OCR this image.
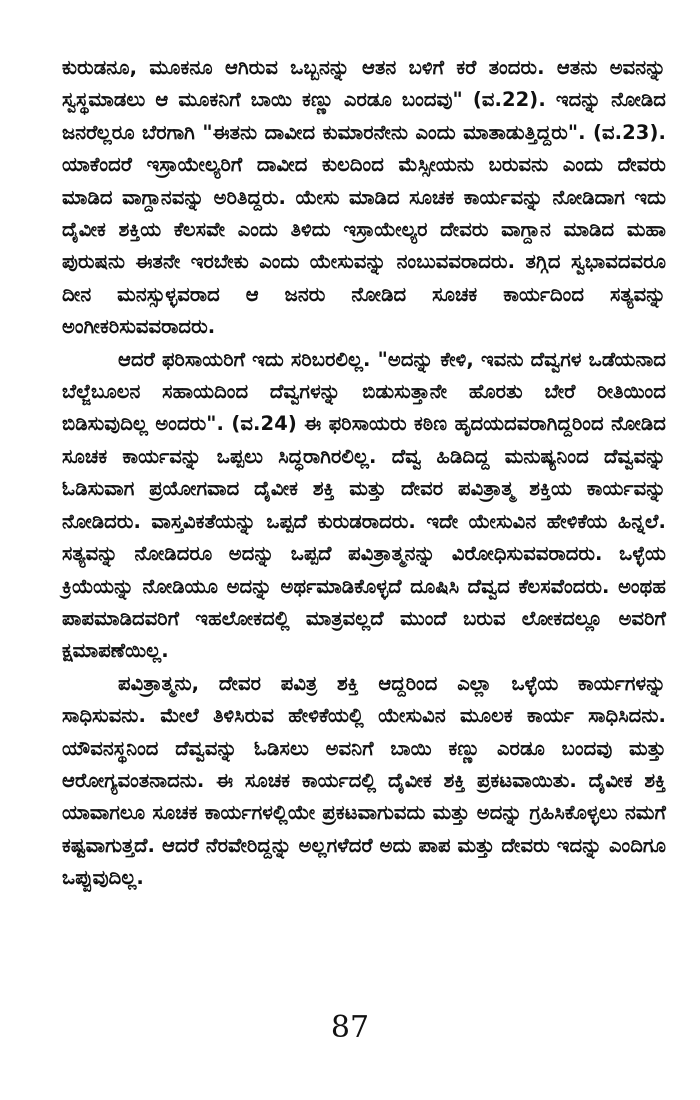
ಕುರುಡನೂ, ಮೂಕನೂ ಆಗಿರುವ ಒಬ್ಬನನ್ನು ಆತನ ಬಳಿಗೆ ಕರೆ ತಂದರು. ಆತನು ಅವನನ್ನು ಸ್ವಸ್ಥಮಾಡಲು ಆ ಮೂಕನಿಗೆ ಬಾಯಿ ಕಣ್ಣು ಎರಡೂ ಬಂದವು" (ವ.22). ಇದನ್ನು ನೋಡಿದ ಜನರೆಲ್ಲರೂ ಬೆರಗಾಗಿ "ಈತನು ದಾವೀದ ಕುಮಾರನೇನು ಎಂದು ಮಾತಾಡುತ್ತಿದ್ದರು". (ವ.23). ಯಾಕೆಂದರೆ ಇಸ್ರಾಯೇಲ್ಯರಿಗೆ ದಾವೀದ ಕುಲದಿಂದ ಮೆಸ್ಸೀಯನು ಬರುವನು ಎಂದು ದೇವರು ಮಾಡಿದ ವಾಗ್ದಾನವನ್ನು ಅರಿತಿದ್ದರು. ಯೇಸು ಮಾಡಿದ ಸೂಚಕ ಕಾರ್ಯವನ್ನು ನೋಡಿದಾಗ ಇದು ದೈವೀಕ ಶಕ್ತಿಯ ಕೆಲಸವೇ ಎಂದು ತಿಳಿದು ಇಸ್ರಾಯೇಲ್ಯರ ದೇವರು ವಾಗ್ದಾನ ಮಾಡಿದ ಮಹಾ ಪುರುಷನು ಈತನೇ ಇರಬೇಕು ಎಂದು ಯೇಸುವನ್ನು ನಂಬುವವರಾದರು. ತಗ್ಗಿದ ಸ್ವಭಾವದವರೂ ದೀನ ಮನಸ್ಸುಳ್ಳವರಾದ ಆ ಜನರು ನೋಡಿದ ಸೂಚಕ ಕಾರ್ಯದಿಂದ ಸತ್ಯವನ್ನು ಅಂಗೀಕರಿಸುವವರಾದರು.

ಆದರೆ ಫರಿಸಾಯರಿಗೆ ಇದು ಸರಿಬರಲಿಲ್ಲ. "ಅದನ್ನು ಕೇಳಿ, ಇವನು ದೆವ್ವಗಳ ಒಡೆಯನಾದ ಬೆಲ್ಜೆಬೂಲನ ಸಹಾಯದಿಂದ ದೆವ್ವಗಳನ್ನು ಬಿಡುಸುತ್ತಾನೇ ಹೊರತು ಬೇರೆ ರೀತಿಯಿಂದ ಬಿಡಿಸುವುದಿಲ್ಲ ಅಂದರು". (ವ.24) ಈ ಫರಿಸಾಯರು ಕಠಿಣ ಹೃದಯದವರಾಗಿದ್ದರಿಂದ ನೋಡಿದ ಸೂಚಕ ಕಾರ್ಯವನ್ನು ಒಪ್ಪಲು ಸಿದ್ಧರಾಗಿರಲಿಲ್ಲ. ದೆವ್ವ ಹಿಡಿದಿದ್ದ ಮನುಷ್ಯನಿಂದ ದೆವ್ವವನ್ನು ಓಡಿಸುವಾಗ ಪ್ರಯೋಗವಾದ ದೈವೀಕ ಶಕ್ತಿ ಮತ್ತು ದೇವರ ಪವಿತ್ರಾತ್ಮ ಶಕ್ತಿಯ ಕಾರ್ಯವನ್ನು ನೋಡಿದರು. ವಾಸ್ತವಿಕತೆಯನ್ನು ಒಪ್ಪದೆ ಕುರುಡರಾದರು. ಇದೇ ಯೇಸುವಿನ ಹೇಳಿಕೆಯ ಹಿನ್ನಲೆ. ಸತ್ಯವನ್ನು ನೋಡಿದರೂ ಅದನ್ನು ಒಪ್ಪದೆ ಪವಿತ್ರಾತ್ಮನನ್ನು ವಿರೋಧಿಸುವವರಾದರು. ಒಳ್ಳೆಯ ಕ್ರಿಯೆಯನ್ನು ನೋಡಿಯೂ ಅದನ್ನು ಅರ್ಥಮಾಡಿಕೊಳ್ಳದೆ ದೂಷಿಸಿ ದೆವ್ವದ ಕೆಲಸವೆಂದರು. ಅಂಥಹ ಪಾಪಮಾಡಿದವರಿಗೆ ಇಹಲೋಕದಲ್ಲಿ ಮಾತ್ರವಲ್ಲದೆ ಮುಂದೆ ಬರುವ ಲೋಕದಲ್ಲೂ ಅವರಿಗೆ ಕ್ಷಮಾಪಣೆಯಿಲ್ಲ.

ಪವಿತ್ರಾತ್ಮನು, ದೇವರ ಪವಿತ್ರ ಶಕ್ತಿ ಆದ್ದರಿಂದ ಎಲ್ಲಾ ಒಳ್ಳೆಯ ಕಾರ್ಯಗಳನ್ನು ಸಾಧಿಸುವನು. ಮೇಲೆ ತಿಳಿಸಿರುವ ಹೇಳಿಕೆಯಲ್ಲಿ ಯೇಸುವಿನ ಮೂಲಕ ಕಾರ್ಯ ಸಾಧಿಸಿದನು. ಯೌವನಸ್ಥನಿಂದ ದೆವ್ವವನ್ನು ಓಡಿಸಲು ಅವನಿಗೆ ಬಾಯಿ ಕಣ್ಣು ಎರಡೂ ಬಂದವು ಮತ್ತು ಆರೋಗ್ಯವಂತನಾದನು. ಈ ಸೂಚಕ ಕಾರ್ಯದಲ್ಲಿ ದೈವೀಕ ಶಕ್ತಿ ಪ್ರಕಟವಾಯಿತು. ದೈವೀಕ ಶಕ್ತಿ ಯಾವಾಗಲೂ ಸೂಚಕ ಕಾರ್ಯಗಳಲ್ಲಿಯೇ ಪ್ರಕಟವಾಗುವದು ಮತ್ತು ಅದನ್ನು ಗ್ರಹಿಸಿಕೊಳ್ಳಲು ನಮಗೆ ಕಷ್ಟವಾಗುತ್ತದೆ. ಆದರೆ ನೆರವೇರಿದ್ದನ್ನು ಅಲ್ಲಗಳೆದರೆ ಅದು ಪಾಪ ಮತ್ತು ದೇವರು ಇದನ್ನು ಎಂದಿಗೂ ಒಪ್ಪುವುದಿಲ್ಲ.

87
